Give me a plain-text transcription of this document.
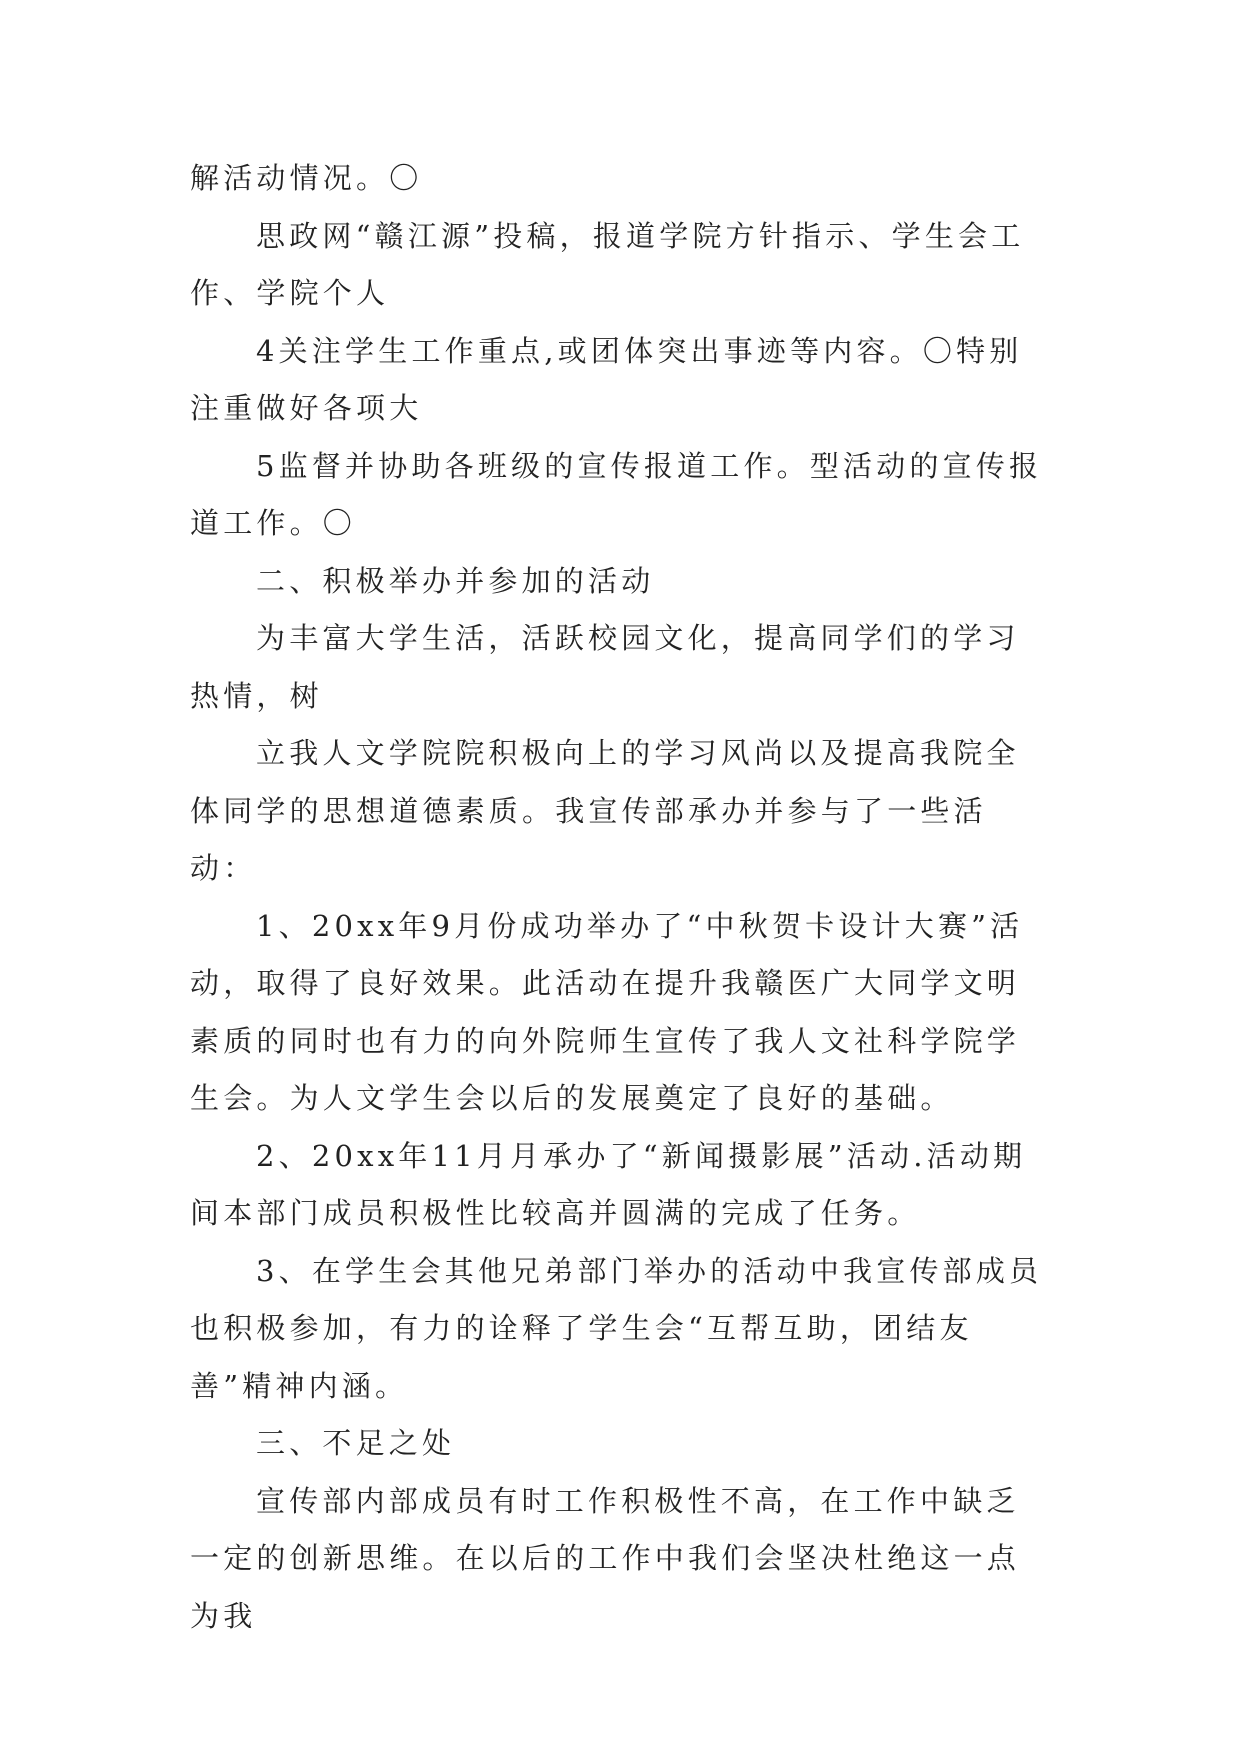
解活动情况。〇

思政网“赣江源”投稿，报道学院方针指示、学生会工作、学院个人

4关注学生工作重点,或团体突出事迹等内容。〇特别注重做好各项大

5监督并协助各班级的宣传报道工作。型活动的宣传报道工作。〇

二、积极举办并参加的活动

为丰富大学生活，活跃校园文化，提高同学们的学习热情，树

立我人文学院院积极向上的学习风尚以及提高我院全体同学的思想道德素质。我宣传部承办并参与了一些活动：

1、20xx年9月份成功举办了“中秋贺卡设计大赛”活动，取得了良好效果。此活动在提升我赣医广大同学文明素质的同时也有力的向外院师生宣传了我人文社科学院学生会。为人文学生会以后的发展奠定了良好的基础。

2、20xx年11月月承办了“新闻摄影展”活动.活动期间本部门成员积极性比较高并圆满的完成了任务。

3、在学生会其他兄弟部门举办的活动中我宣传部成员也积极参加，有力的诠释了学生会“互帮互助，团结友善”精神内涵。

三、不足之处

宣传部内部成员有时工作积极性不高，在工作中缺乏一定的创新思维。在以后的工作中我们会坚决杜绝这一点为我
